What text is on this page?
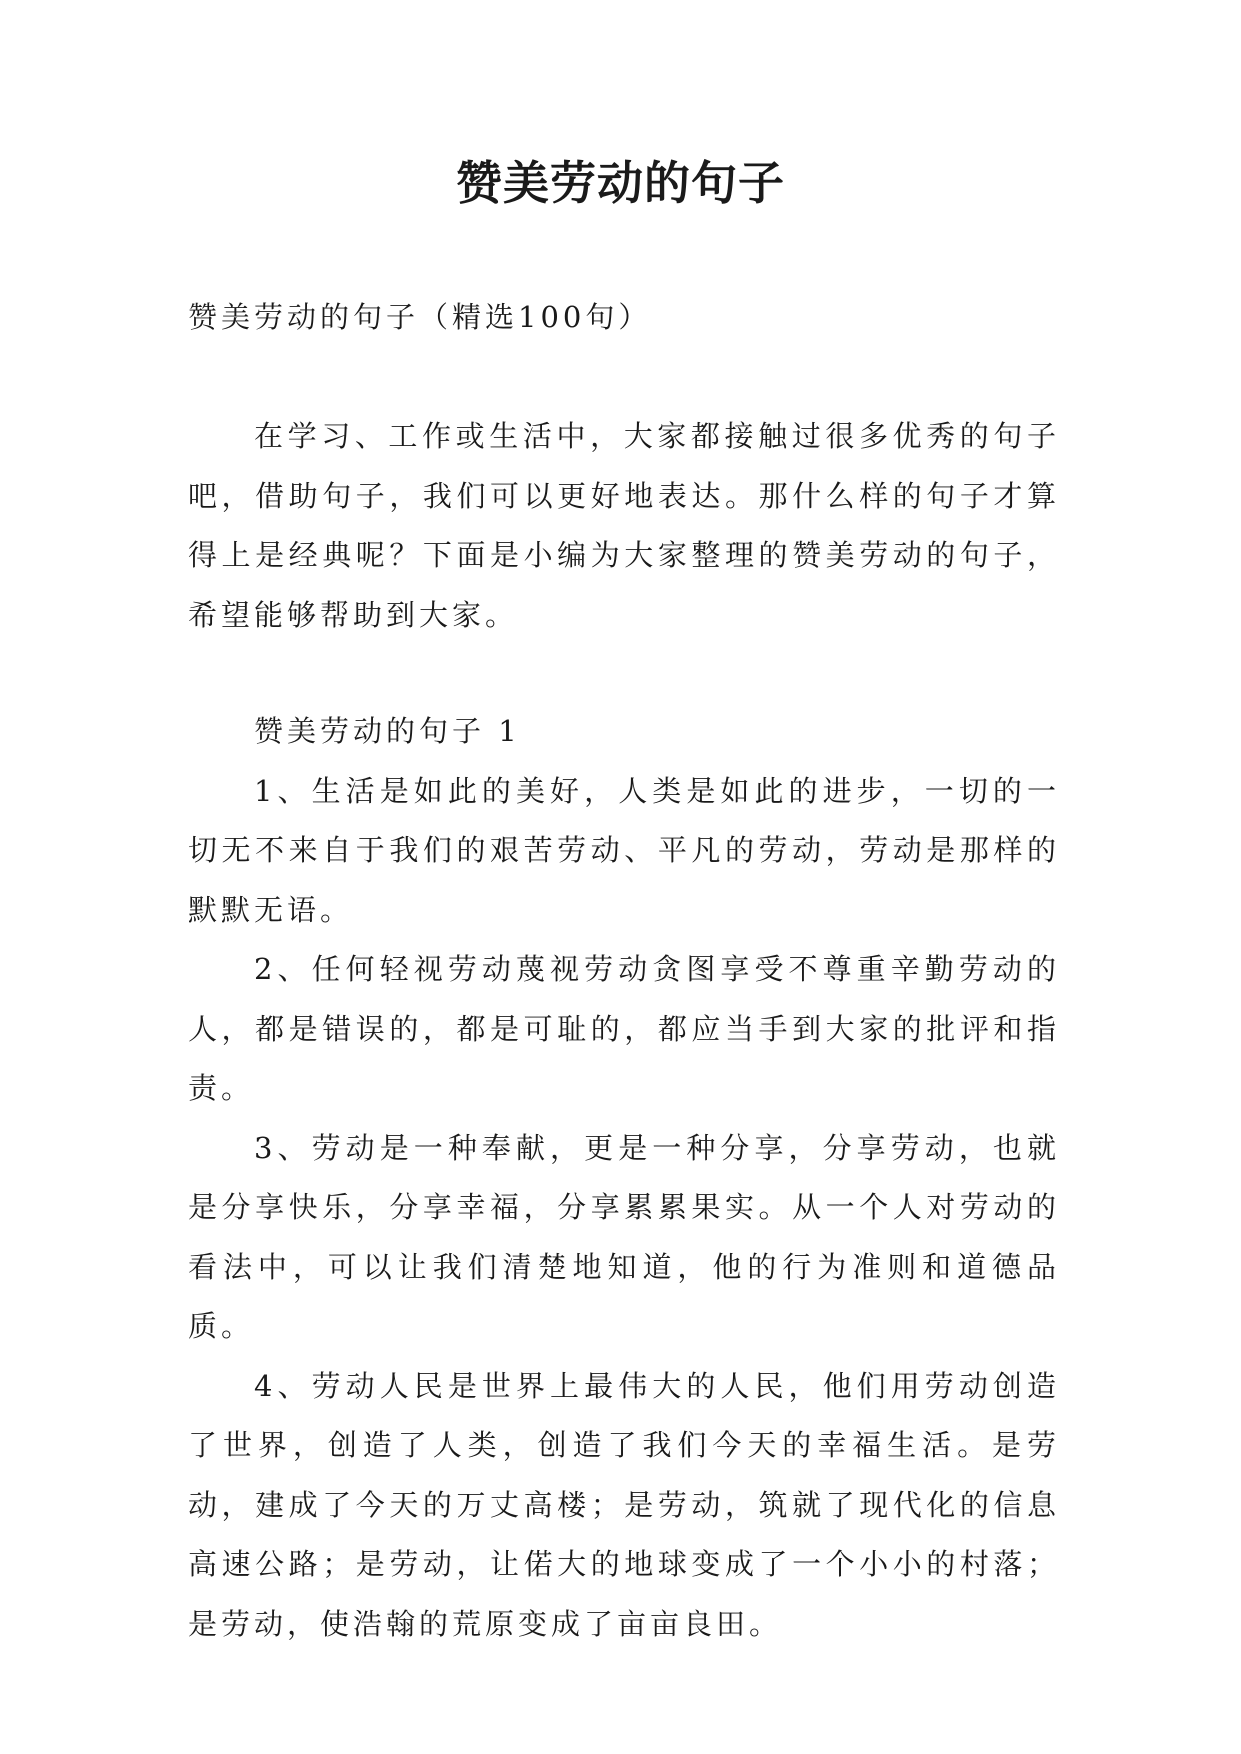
赞美劳动的句子

赞美劳动的句子（精选100句）

在学习、工作或生活中，大家都接触过很多优秀的句子吧，借助句子，我们可以更好地表达。那什么样的句子才算得上是经典呢？下面是小编为大家整理的赞美劳动的句子，希望能够帮助到大家。

赞美劳动的句子 1

1、生活是如此的美好，人类是如此的进步，一切的一切无不来自于我们的艰苦劳动、平凡的劳动，劳动是那样的默默无语。

2、任何轻视劳动蔑视劳动贪图享受不尊重辛勤劳动的人，都是错误的，都是可耻的，都应当手到大家的批评和指责。

3、劳动是一种奉献，更是一种分享，分享劳动，也就是分享快乐，分享幸福，分享累累果实。从一个人对劳动的看法中，可以让我们清楚地知道，他的行为准则和道德品质。

4、劳动人民是世界上最伟大的人民，他们用劳动创造了世界，创造了人类，创造了我们今天的幸福生活。是劳动，建成了今天的万丈高楼；是劳动，筑就了现代化的信息高速公路；是劳动，让偌大的地球变成了一个小小的村落；是劳动，使浩翰的荒原变成了亩亩良田。
